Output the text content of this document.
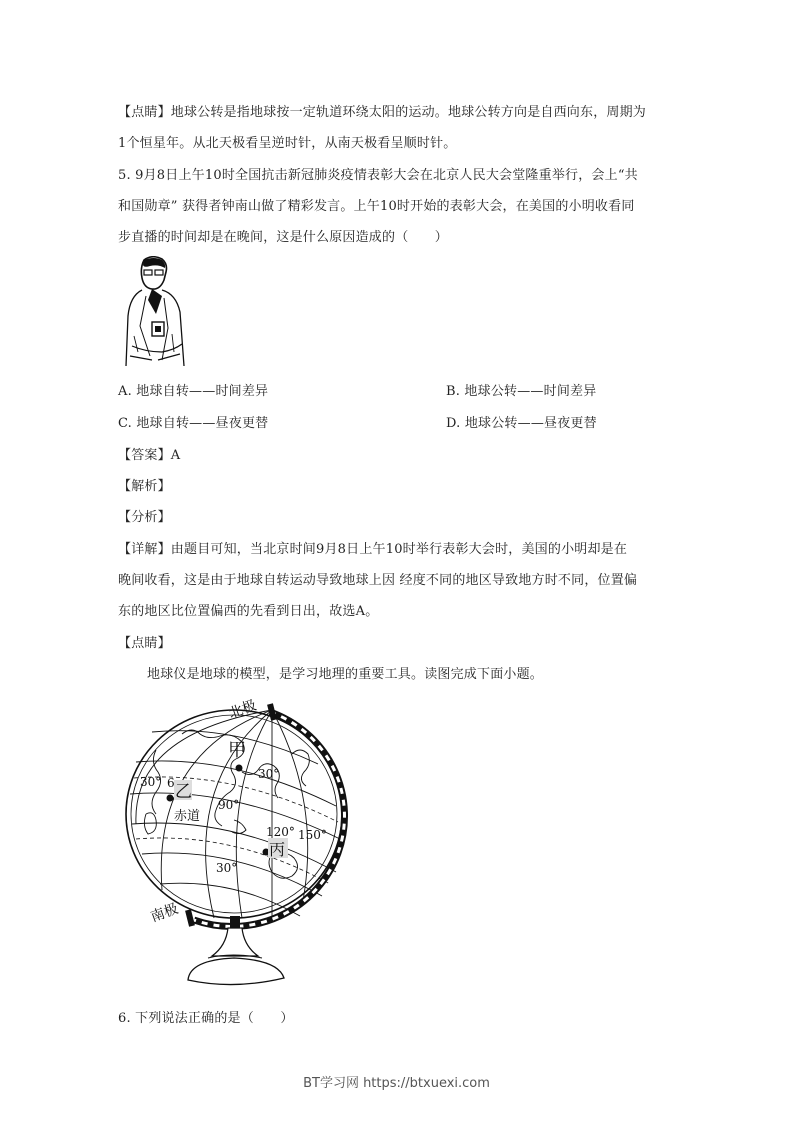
【点睛】地球公转是指地球按一定轨道环绕太阳的运动。地球公转方向是自西向东，周期为
1个恒星年。从北天极看呈逆时针，从南天极看呈顺时针。
5. 9月8日上午10时全国抗击新冠肺炎疫情表彰大会在北京人民大会堂隆重举行，会上“共
和国勋章” 获得者钟南山做了精彩发言。上午10时开始的表彰大会，在美国的小明收看同
步直播的时间却是在晚间，这是什么原因造成的（　　）
A. 地球自转——时间差异	B. 地球公转——时间差异
C. 地球自转——昼夜更替	D. 地球公转——昼夜更替
【答案】A
【解析】
【分析】
【详解】由题目可知，当北京时间9月8日上午10时举行表彰大会时，美国的小明却是在
晚间收看，这是由于地球自转运动导致地球上因 经度不同的地区导致地方时不同，位置偏
东的地区比位置偏西的先看到日出，故选A。
【点睛】
地球仪是地球的模型，是学习地理的重要工具。读图完成下面小题。
北极
南极
甲
乙
丙
赤道
30° 6
30°
90°
120° 150°
30°
6. 下列说法正确的是（　　）
BT学习网 https://btxuexi.com
